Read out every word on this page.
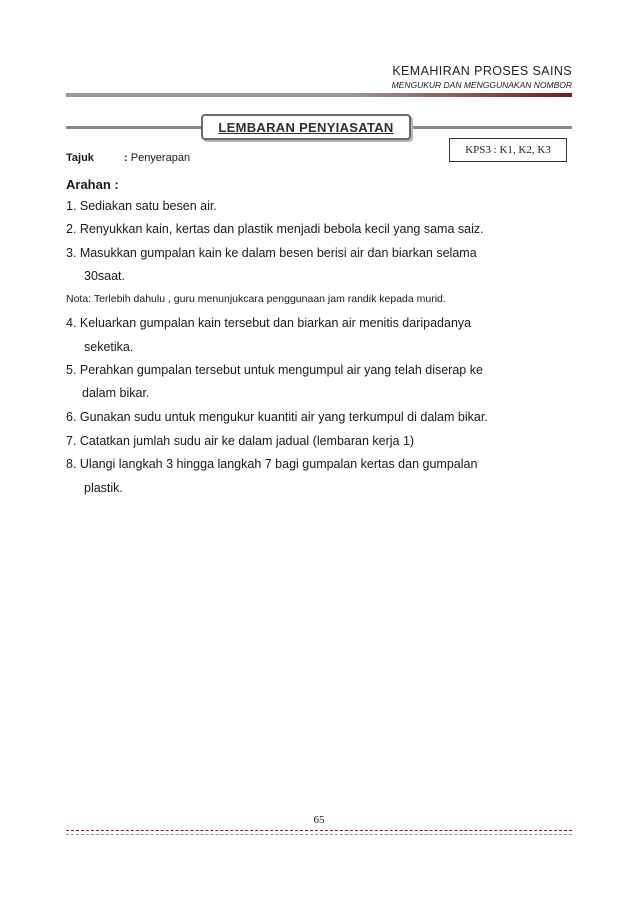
KEMAHIRAN PROSES SAINS
MENGUKUR DAN MENGGUNAKAN NOMBOR
LEMBARAN PENYIASATAN
KPS3 : K1, K2, K3
Tajuk	: Penyerapan
Arahan :
1. Sediakan satu besen air.
2. Renyukkan kain, kertas dan plastik menjadi bebola kecil yang sama saiz.
3. Masukkan gumpalan kain ke dalam besen berisi air dan biarkan selama
30saat.
Nota: Terlebih dahulu , guru menunjukcara penggunaan jam randik kepada murid.
4. Keluarkan gumpalan kain tersebut dan biarkan air menitis daripadanya
seketika.
5. Perahkan gumpalan tersebut untuk mengumpul air yang telah diserap ke
dalam bikar.
6. Gunakan sudu untuk mengukur kuantiti air yang terkumpul di dalam bikar.
7. Catatkan jumlah sudu air ke dalam jadual (lembaran kerja 1)
8. Ulangi langkah 3 hingga langkah 7 bagi gumpalan kertas dan gumpalan
plastik.
65
